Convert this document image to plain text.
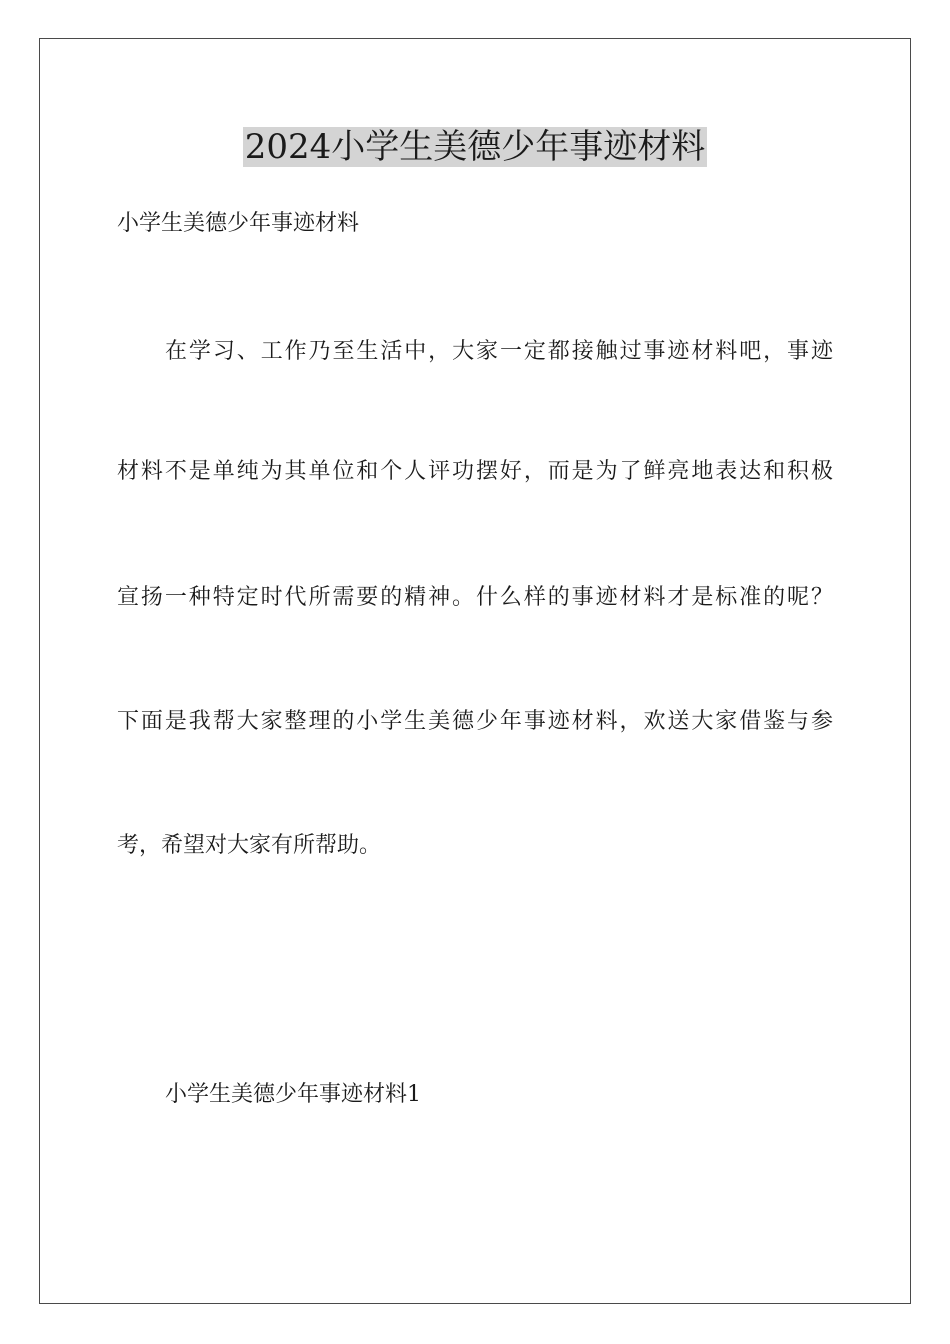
2024小学生美德少年事迹材料
小学生美德少年事迹材料
在学习、工作乃至生活中，大家一定都接触过事迹材料吧，事迹
材料不是单纯为其单位和个人评功摆好，而是为了鲜亮地表达和积极
宣扬一种特定时代所需要的精神。什么样的事迹材料才是标准的呢？
下面是我帮大家整理的小学生美德少年事迹材料，欢送大家借鉴与参
考，希望对大家有所帮助。
小学生美德少年事迹材料1
